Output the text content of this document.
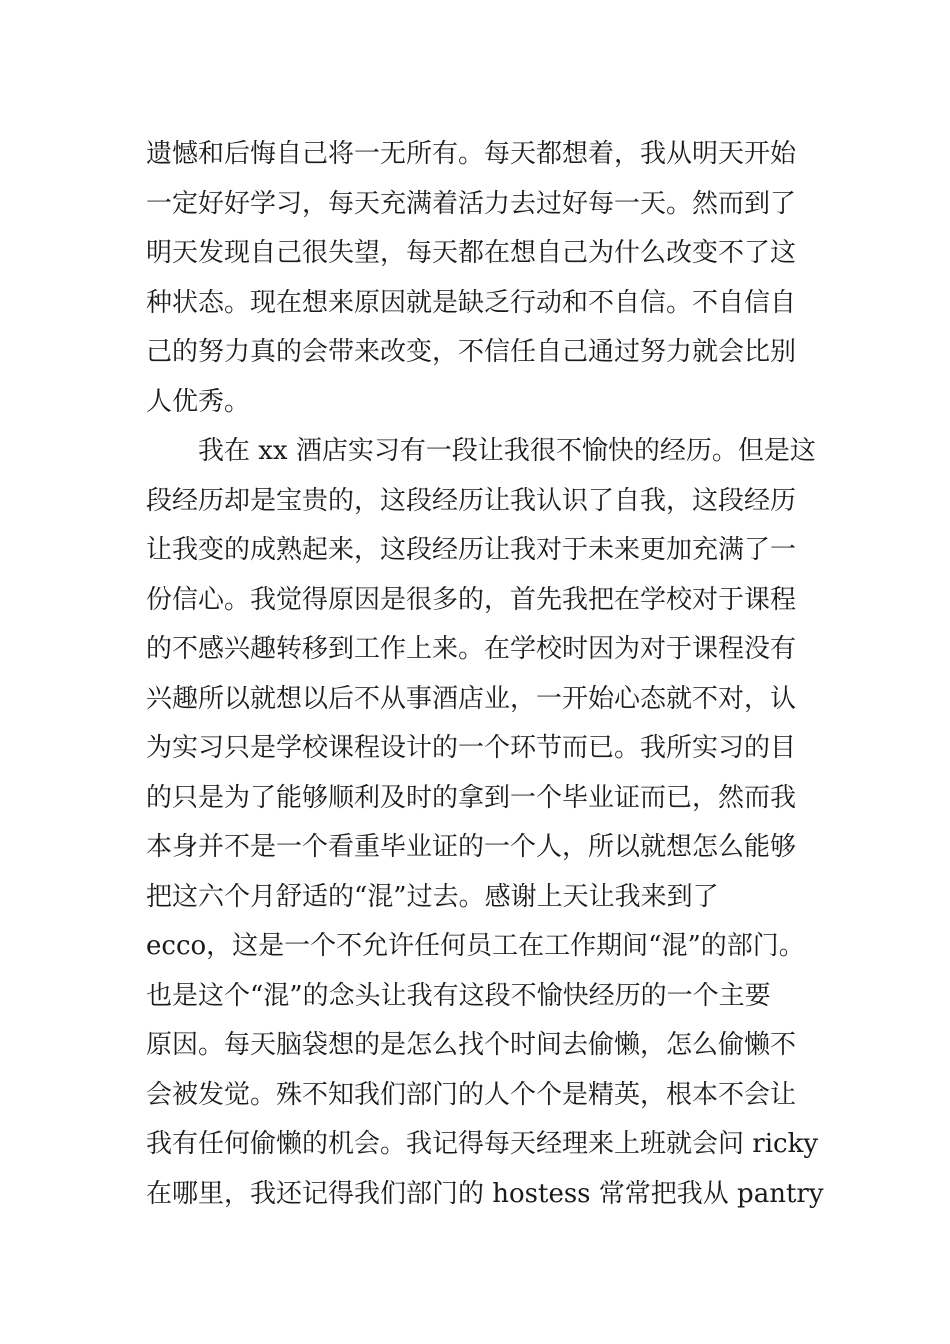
遗憾和后悔自己将一无所有。每天都想着，我从明天开始
一定好好学习，每天充满着活力去过好每一天。然而到了
明天发现自己很失望，每天都在想自己为什么改变不了这
种状态。现在想来原因就是缺乏行动和不自信。不自信自
己的努力真的会带来改变，不信任自己通过努力就会比别
人优秀。
　　我在 xx 酒店实习有一段让我很不愉快的经历。但是这
段经历却是宝贵的，这段经历让我认识了自我，这段经历
让我变的成熟起来，这段经历让我对于未来更加充满了一
份信心。我觉得原因是很多的，首先我把在学校对于课程
的不感兴趣转移到工作上来。在学校时因为对于课程没有
兴趣所以就想以后不从事酒店业，一开始心态就不对，认
为实习只是学校课程设计的一个环节而已。我所实习的目
的只是为了能够顺利及时的拿到一个毕业证而已，然而我
本身并不是一个看重毕业证的一个人，所以就想怎么能够
把这六个月舒适的“混”过去。感谢上天让我来到了
ecco，这是一个不允许任何员工在工作期间“混”的部门。
也是这个“混”的念头让我有这段不愉快经历的一个主要
原因。每天脑袋想的是怎么找个时间去偷懒，怎么偷懒不
会被发觉。殊不知我们部门的人个个是精英，根本不会让
我有任何偷懒的机会。我记得每天经理来上班就会问 ricky
在哪里，我还记得我们部门的 hostess 常常把我从 pantry
